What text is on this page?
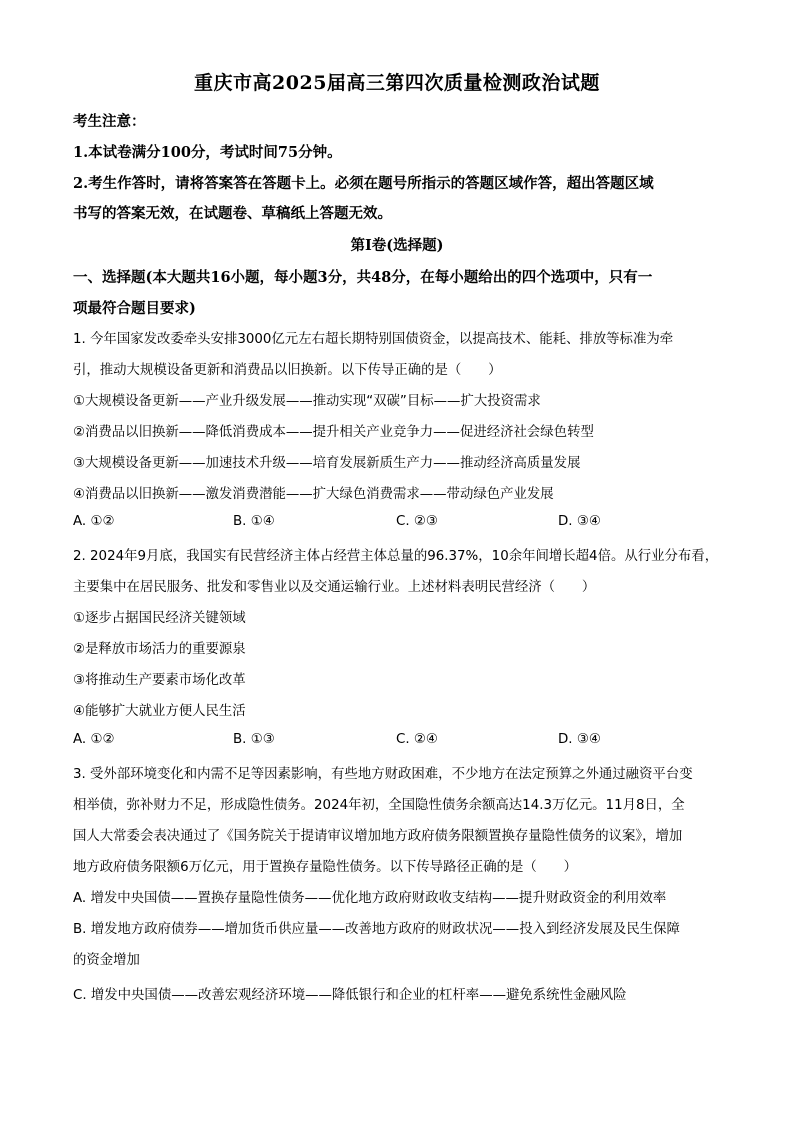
重庆市高2025届高三第四次质量检测政治试题
考生注意：
1.本试卷满分100分，考试时间75分钟。
2.考生作答时，请将答案答在答题卡上。必须在题号所指示的答题区域作答，超出答题区域
书写的答案无效，在试题卷、草稿纸上答题无效。
第Ⅰ卷(选择题)
一、选择题(本大题共16小题，每小题3分，共48分，在每小题给出的四个选项中，只有一
项最符合题目要求)
1. 今年国家发改委牵头安排3000亿元左右超长期特别国债资金，以提高技术、能耗、排放等标准为牵
引，推动大规模设备更新和消费品以旧换新。以下传导正确的是（　　）
①大规模设备更新——产业升级发展——推动实现“双碳”目标——扩大投资需求
②消费品以旧换新——降低消费成本——提升相关产业竞争力——促进经济社会绿色转型
③大规模设备更新——加速技术升级——培育发展新质生产力——推动经济高质量发展
④消费品以旧换新——激发消费潜能——扩大绿色消费需求——带动绿色产业发展
A. ①②	B. ①④	C. ②③	D. ③④
2. 2024年9月底，我国实有民营经济主体占经营主体总量的96.37%，10余年间增长超4倍。从行业分布看，
主要集中在居民服务、批发和零售业以及交通运输行业。上述材料表明民营经济（　　）
①逐步占据国民经济关键领域
②是释放市场活力的重要源泉
③将推动生产要素市场化改革
④能够扩大就业方便人民生活
A. ①②	B. ①③	C. ②④	D. ③④
3. 受外部环境变化和内需不足等因素影响，有些地方财政困难，不少地方在法定预算之外通过融资平台变
相举债，弥补财力不足，形成隐性债务。2024年初，全国隐性债务余额高达14.3万亿元。11月8日，全
国人大常委会表决通过了《国务院关于提请审议增加地方政府债务限额置换存量隐性债务的议案》，增加
地方政府债务限额6万亿元，用于置换存量隐性债务。以下传导路径正确的是（　　）
A. 增发中央国债——置换存量隐性债务——优化地方政府财政收支结构——提升财政资金的利用效率
B. 增发地方政府债券——增加货币供应量——改善地方政府的财政状况——投入到经济发展及民生保障
的资金增加
C. 增发中央国债——改善宏观经济环境——降低银行和企业的杠杆率——避免系统性金融风险
